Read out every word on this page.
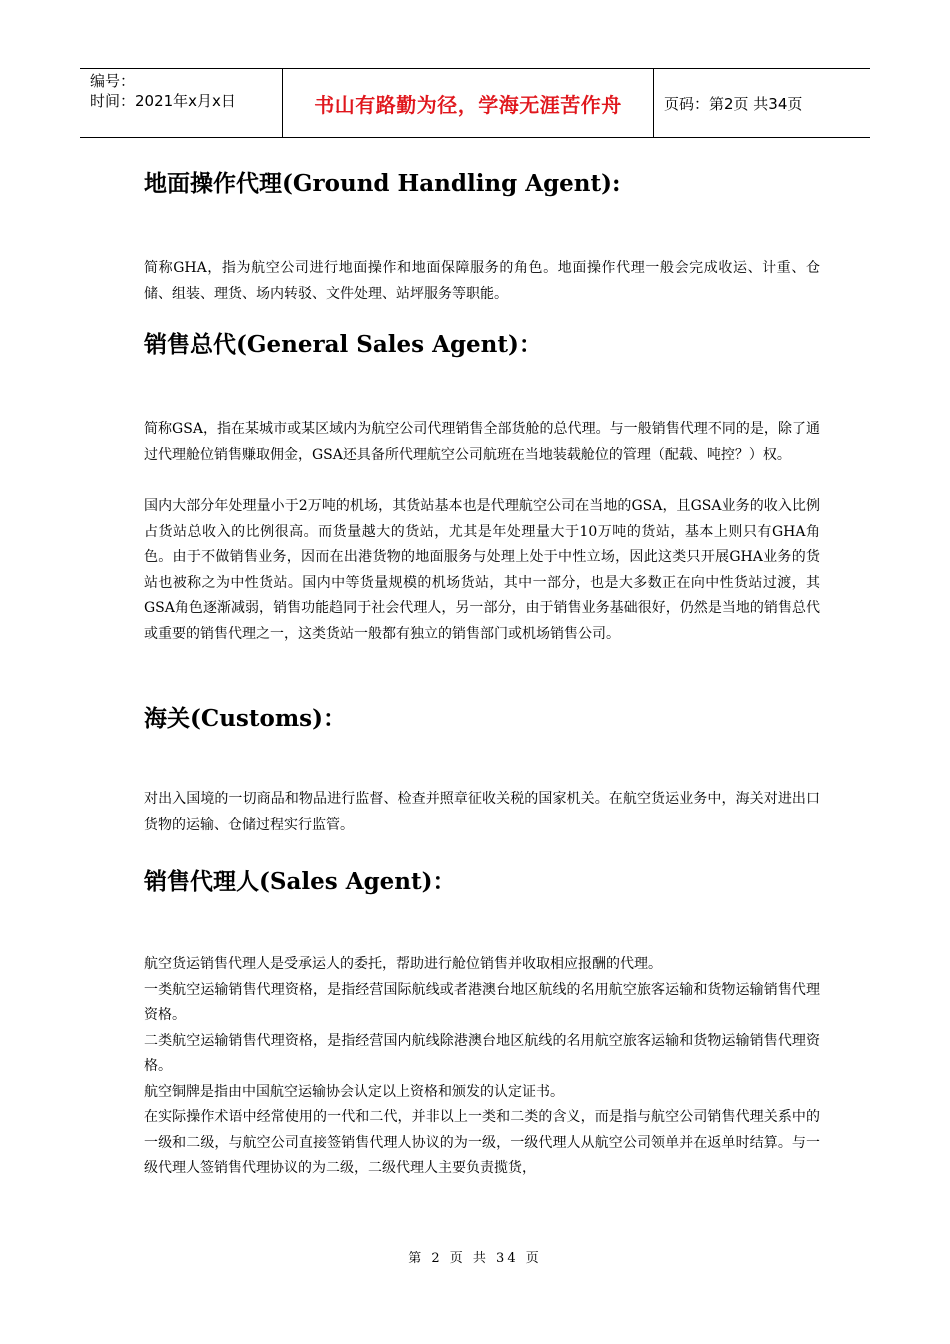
编号：
时间：2021年x月x日	书山有路勤为径，学海无涯苦作舟	页码：第2页 共34页
地面操作代理(Ground Handling Agent):

简称GHA，指为航空公司进行地面操作和地面保障服务的角色。地面操作代理一般会完成收运、计重、仓储、组装、理货、场内转驳、文件处理、站坪服务等职能。

销售总代(General Sales Agent)：

简称GSA，指在某城市或某区域内为航空公司代理销售全部货舱的总代理。与一般销售代理不同的是，除了通过代理舱位销售赚取佣金，GSA还具备所代理航空公司航班在当地装载舱位的管理（配载、吨控？）权。

国内大部分年处理量小于2万吨的机场，其货站基本也是代理航空公司在当地的GSA，且GSA业务的收入比例占货站总收入的比例很高。而货量越大的货站，尤其是年处理量大于10万吨的货站，基本上则只有GHA角色。由于不做销售业务，因而在出港货物的地面服务与处理上处于中性立场，因此这类只开展GHA业务的货站也被称之为中性货站。国内中等货量规模的机场货站，其中一部分，也是大多数正在向中性货站过渡，其GSA角色逐渐减弱，销售功能趋同于社会代理人，另一部分，由于销售业务基础很好，仍然是当地的销售总代或重要的销售代理之一，这类货站一般都有独立的销售部门或机场销售公司。

海关(Customs)：

对出入国境的一切商品和物品进行监督、检查并照章征收关税的国家机关。在航空货运业务中，海关对进出口货物的运输、仓储过程实行监管。

销售代理人(Sales Agent)：

航空货运销售代理人是受承运人的委托，帮助进行舱位销售并收取相应报酬的代理。

一类航空运输销售代理资格，是指经营国际航线或者港澳台地区航线的名用航空旅客运输和货物运输销售代理资格。

二类航空运输销售代理资格，是指经营国内航线除港澳台地区航线的名用航空旅客运输和货物运输销售代理资格。

航空铜牌是指由中国航空运输协会认定以上资格和颁发的认定证书。

在实际操作术语中经常使用的一代和二代，并非以上一类和二类的含义，而是指与航空公司销售代理关系中的一级和二级，与航空公司直接签销售代理人协议的为一级，一级代理人从航空公司领单并在返单时结算。与一级代理人签销售代理协议的为二级，二级代理人主要负责揽货，

第 2 页 共 34 页
